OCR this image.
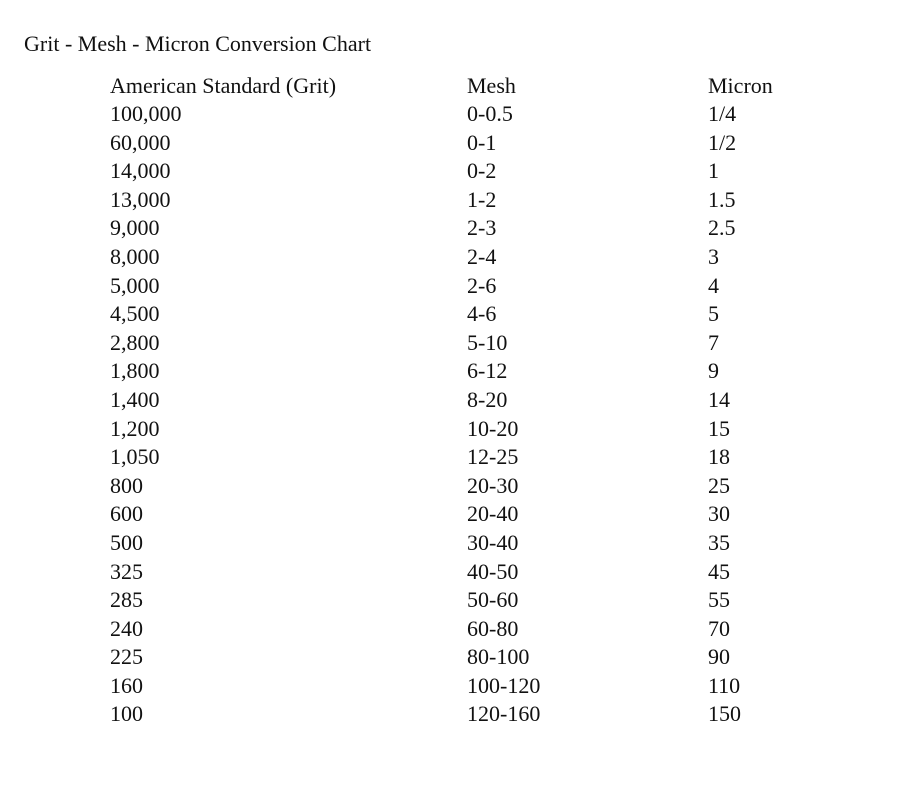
Grit - Mesh - Micron Conversion Chart
American Standard (Grit)	Mesh	Micron
100,000	0-0.5	1/4
60,000	0-1	1/2
14,000	0-2	1
13,000	1-2	1.5
9,000	2-3	2.5
8,000	2-4	3
5,000	2-6	4
4,500	4-6	5
2,800	5-10	7
1,800	6-12	9
1,400	8-20	14
1,200	10-20	15
1,050	12-25	18
800	20-30	25
600	20-40	30
500	30-40	35
325	40-50	45
285	50-60	55
240	60-80	70
225	80-100	90
160	100-120	110
100	120-160	150
